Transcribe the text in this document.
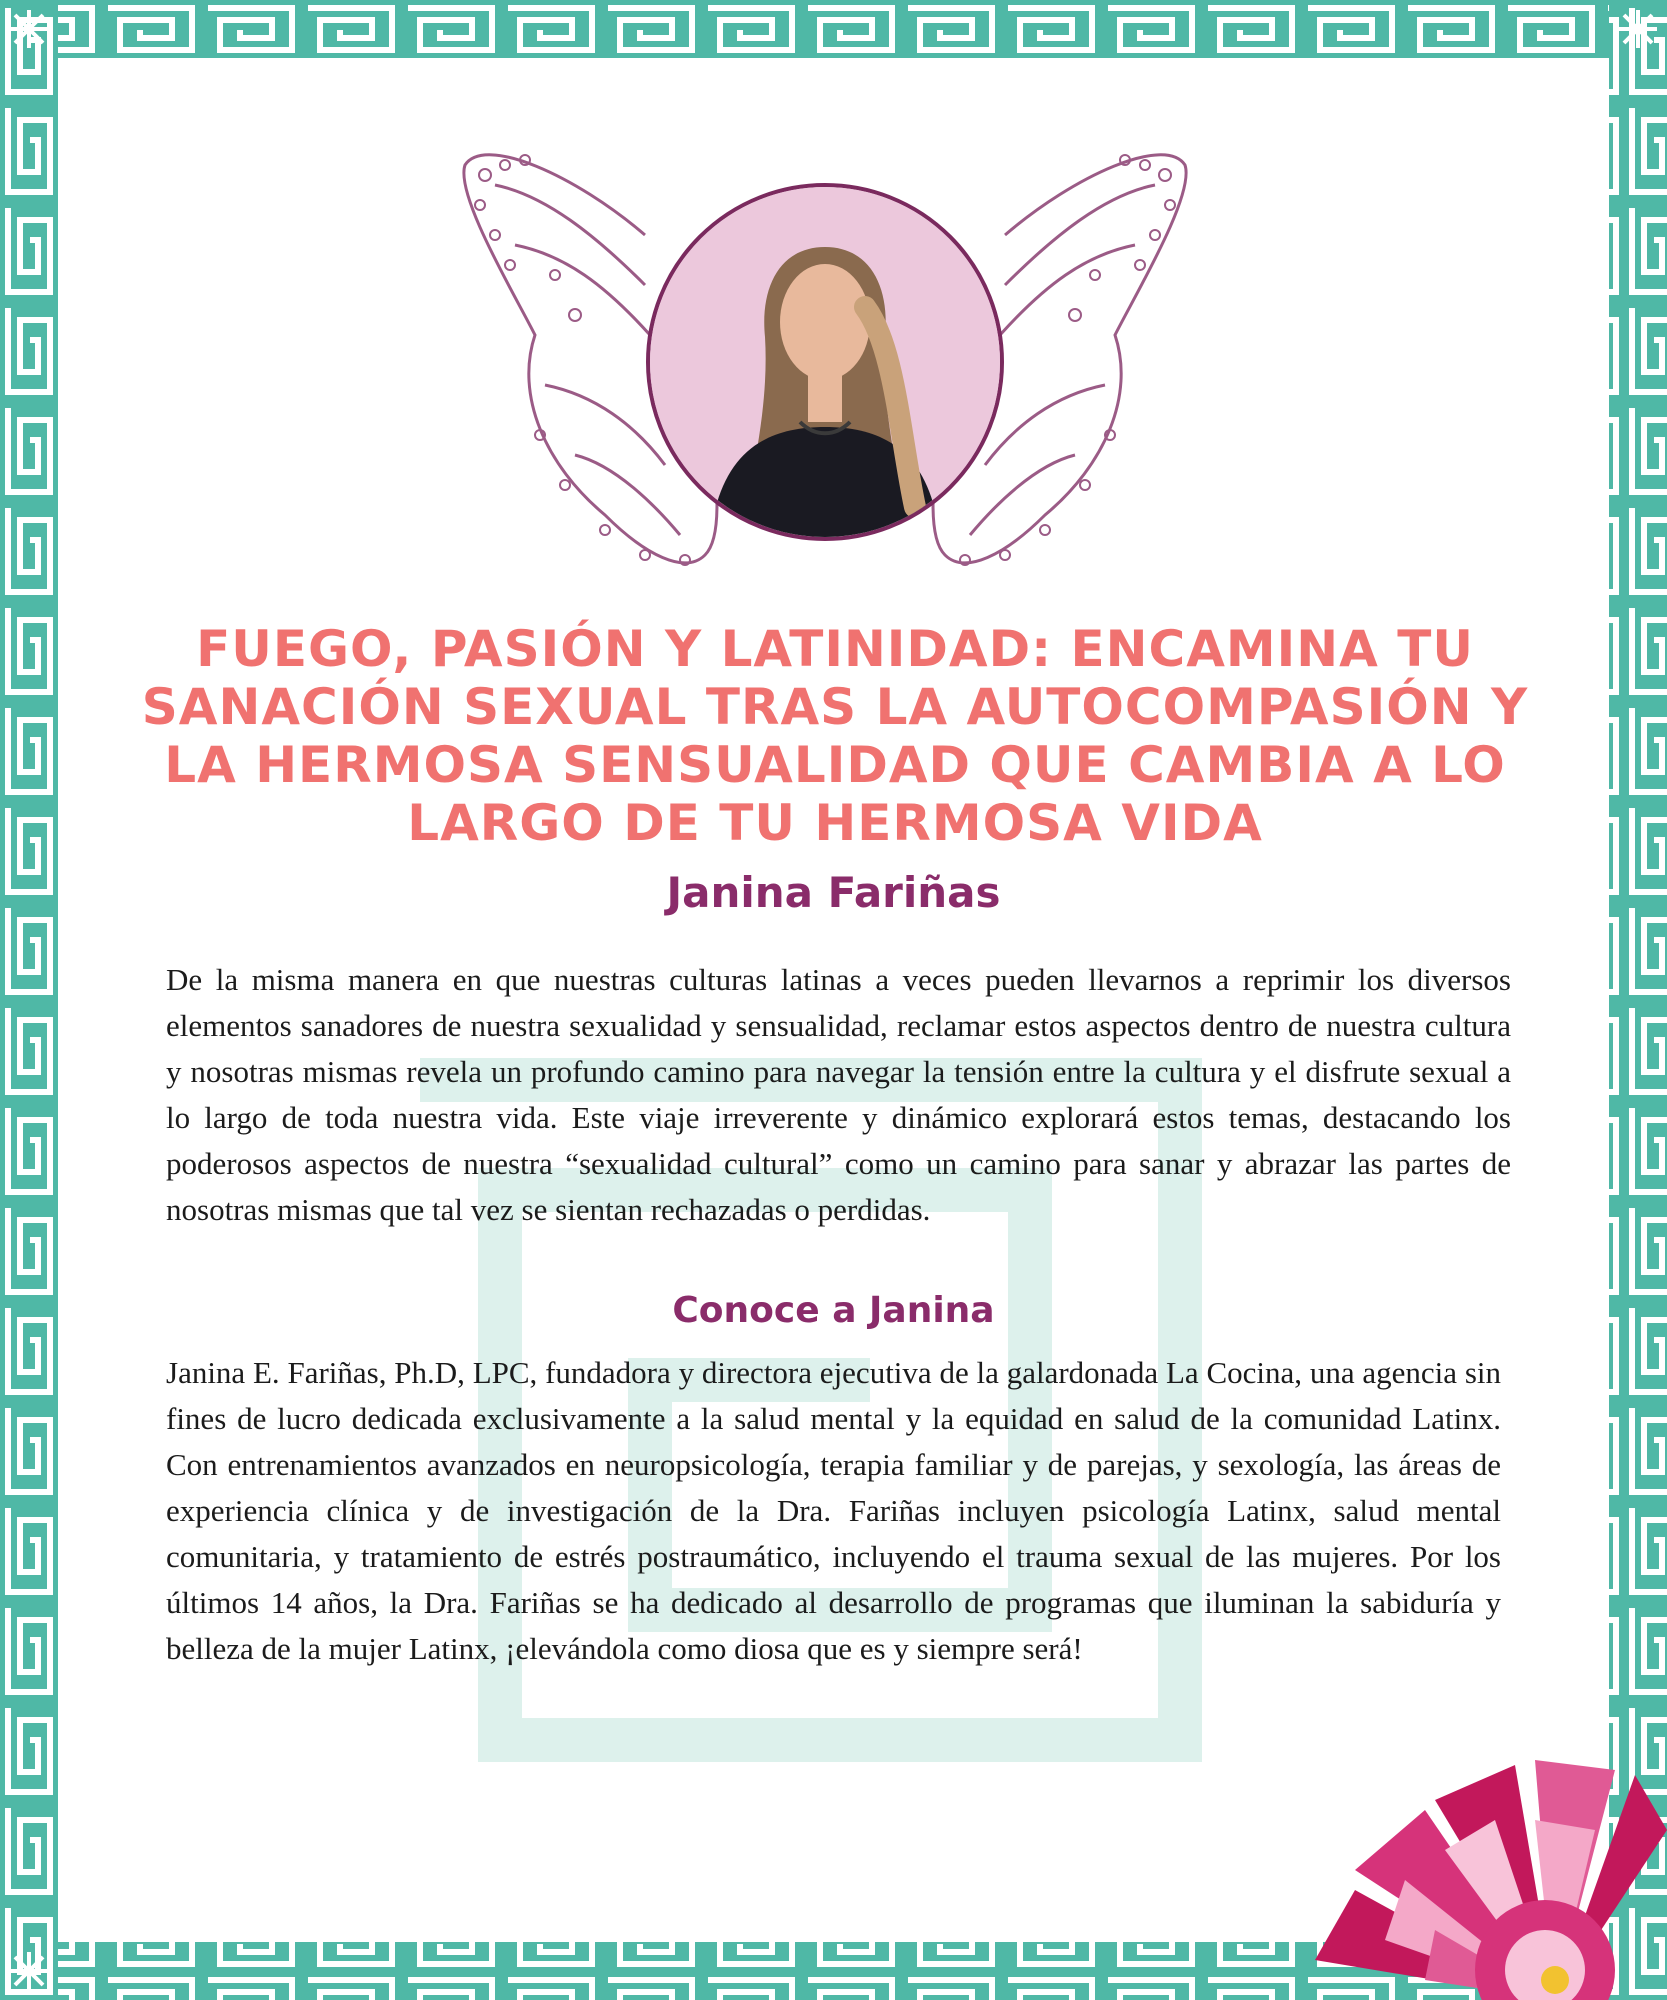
FUEGO, PASIÓN Y LATINIDAD: ENCAMINA TU SANACIÓN SEXUAL TRAS LA AUTOCOMPASIÓN Y LA HERMOSA SENSUALIDAD QUE CAMBIA A LO LARGO DE TU HERMOSA VIDA
Janina Fariñas

De la misma manera en que nuestras culturas latinas a veces pueden llevarnos a reprimir los diversos elementos sanadores de nuestra sexualidad y sensualidad, reclamar estos aspectos dentro de nuestra cultura y nosotras mismas revela un profundo camino para navegar la tensión entre la cultura y el disfrute sexual a lo largo de toda nuestra vida. Este viaje irreverente y dinámico explorará estos temas, destacando los poderosos aspectos de nuestra “sexualidad cultural” como un camino para sanar y abrazar las partes de nosotras mismas que tal vez se sientan rechazadas o perdidas.

Conoce a Janina

Janina E. Fariñas, Ph.D, LPC, fundadora y directora ejecutiva de la galardonada La Cocina, una agencia sin fines de lucro dedicada exclusivamente a la salud mental y la equidad en salud de la comunidad Latinx. Con entrenamientos avanzados en neuropsicología, terapia familiar y de parejas, y sexología, las áreas de experiencia clínica y de investigación de la Dra. Fariñas incluyen psicología Latinx, salud mental comunitaria, y tratamiento de estrés postraumático, incluyendo el trauma sexual de las mujeres. Por los últimos 14 años, la Dra. Fariñas se ha dedicado al desarrollo de programas que iluminan la sabiduría y belleza de la mujer Latinx, ¡elevándola como diosa que es y siempre será!
